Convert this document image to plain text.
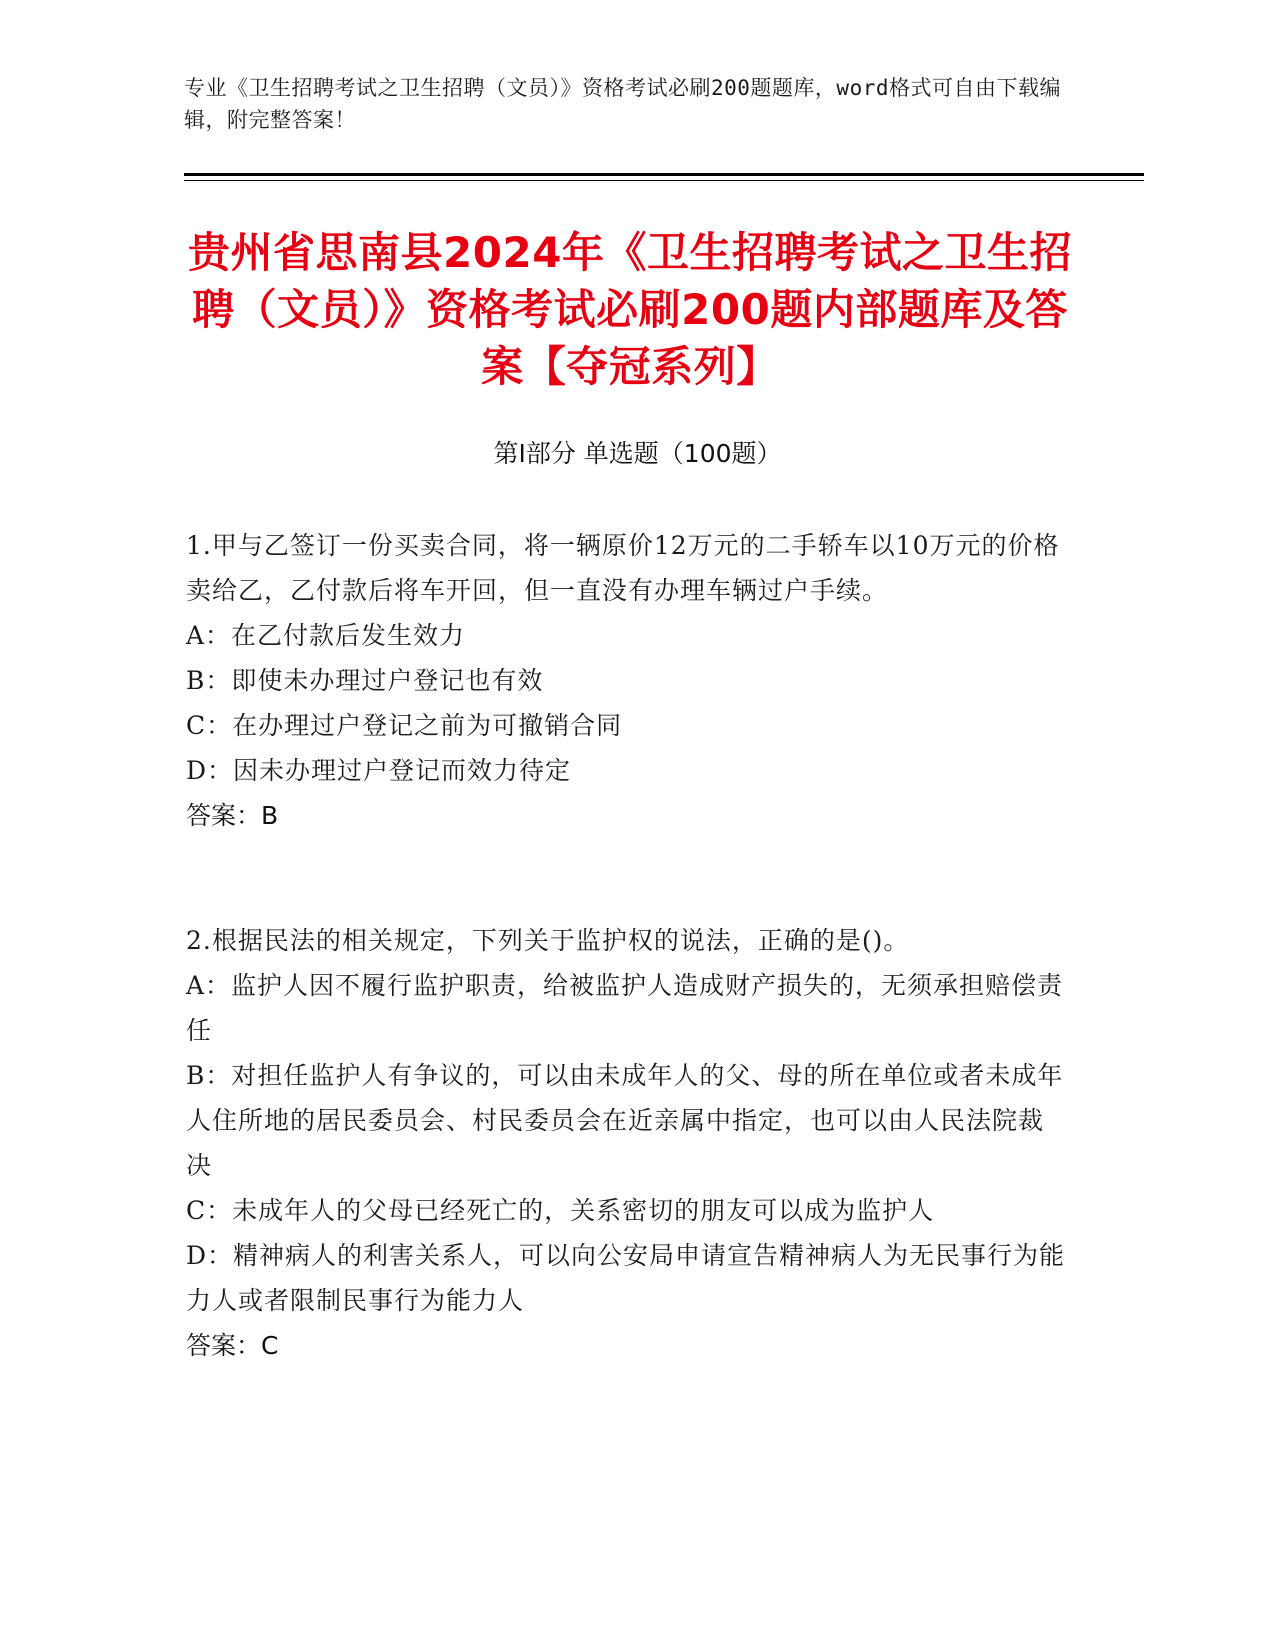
专业《卫生招聘考试之卫生招聘（文员）》资格考试必刷200题题库，word格式可自由下载编辑，附完整答案！
贵州省思南县2024年《卫生招聘考试之卫生招聘（文员）》资格考试必刷200题内部题库及答案【夺冠系列】
第Ⅰ部分 单选题（100题）
1.甲与乙签订一份买卖合同，将一辆原价12万元的二手轿车以10万元的价格卖给乙，乙付款后将车开回，但一直没有办理车辆过户手续。
A：在乙付款后发生效力
B：即使未办理过户登记也有效
C：在办理过户登记之前为可撤销合同
D：因未办理过户登记而效力待定
答案：B
2.根据民法的相关规定，下列关于监护权的说法，正确的是()。
A：监护人因不履行监护职责，给被监护人造成财产损失的，无须承担赔偿责任
B：对担任监护人有争议的，可以由未成年人的父、母的所在单位或者未成年人住所地的居民委员会、村民委员会在近亲属中指定，也可以由人民法院裁决
C：未成年人的父母已经死亡的，关系密切的朋友可以成为监护人
D：精神病人的利害关系人，可以向公安局申请宣告精神病人为无民事行为能力人或者限制民事行为能力人
答案：C
